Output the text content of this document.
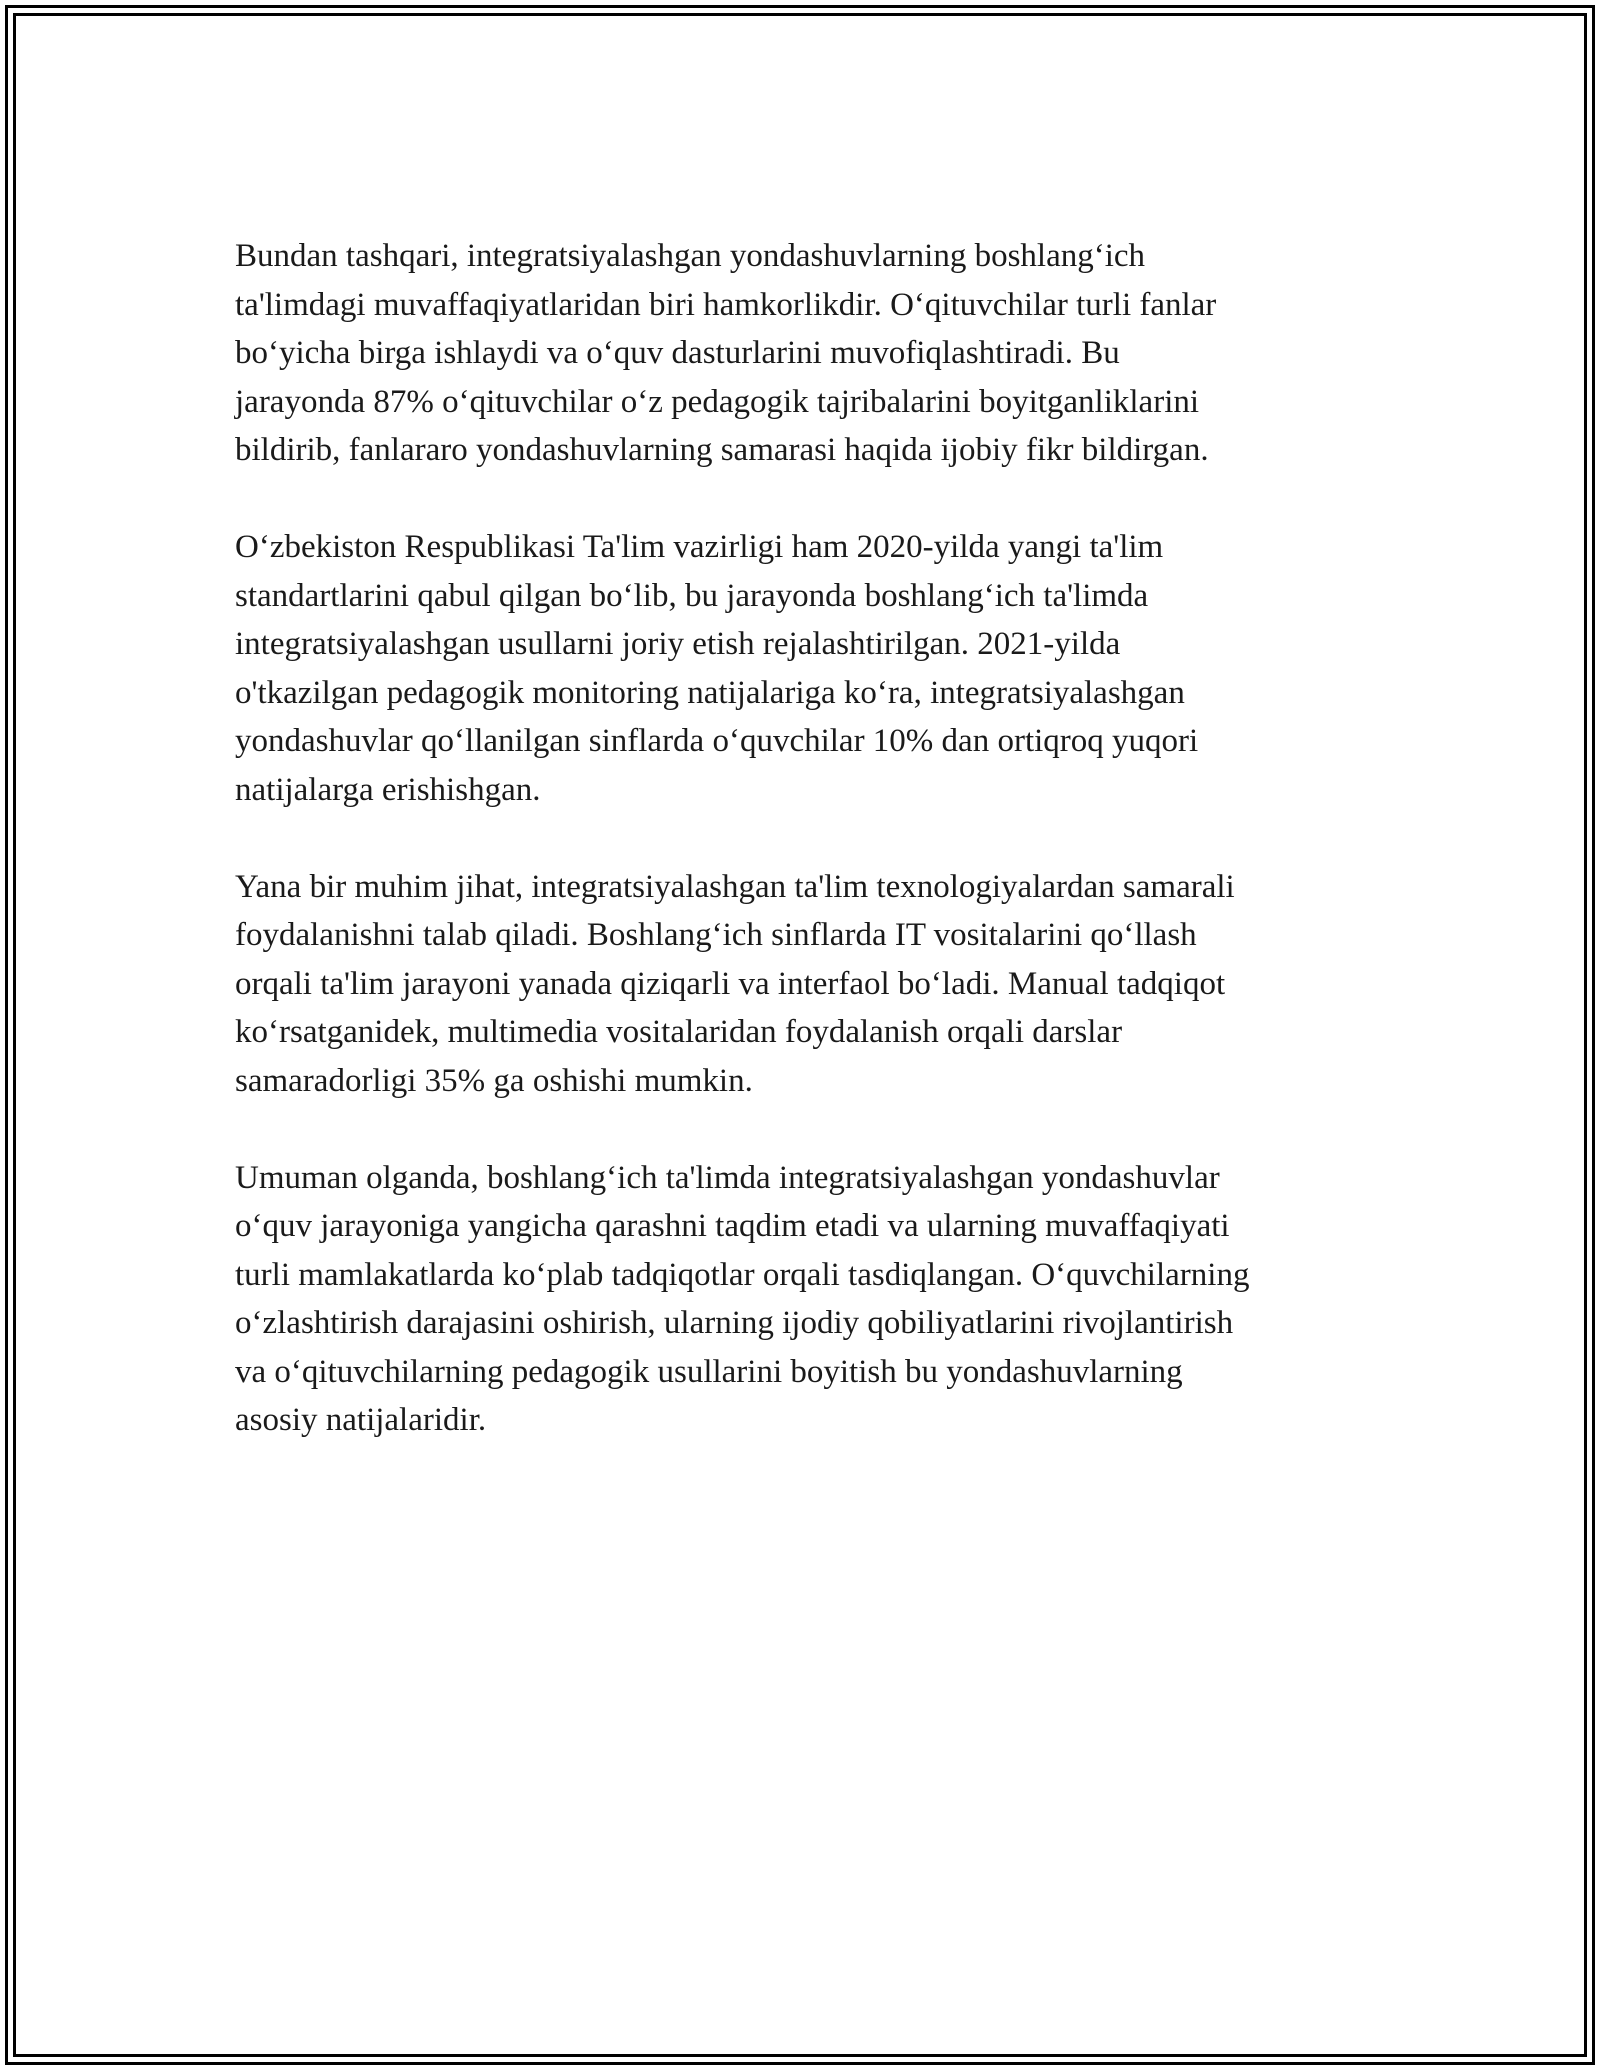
Bundan tashqari, integratsiyalashgan yondashuvlarning boshlang‘ich
ta'limdagi muvaffaqiyatlaridan biri hamkorlikdir. O‘qituvchilar turli fanlar
bo‘yicha birga ishlaydi va o‘quv dasturlarini muvofiqlashtiradi. Bu
jarayonda 87% o‘qituvchilar o‘z pedagogik tajribalarini boyitganliklarini
bildirib, fanlararo yondashuvlarning samarasi haqida ijobiy fikr bildirgan.

O‘zbekiston Respublikasi Ta'lim vazirligi ham 2020-yilda yangi ta'lim
standartlarini qabul qilgan bo‘lib, bu jarayonda boshlang‘ich ta'limda
integratsiyalashgan usullarni joriy etish rejalashtirilgan. 2021-yilda
o'tkazilgan pedagogik monitoring natijalariga ko‘ra, integratsiyalashgan
yondashuvlar qo‘llanilgan sinflarda o‘quvchilar 10% dan ortiqroq yuqori
natijalarga erishishgan.

Yana bir muhim jihat, integratsiyalashgan ta'lim texnologiyalardan samarali
foydalanishni talab qiladi. Boshlang‘ich sinflarda IT vositalarini qo‘llash
orqali ta'lim jarayoni yanada qiziqarli va interfaol bo‘ladi. Manual tadqiqot
ko‘rsatganidek, multimedia vositalaridan foydalanish orqali darslar
samaradorligi 35% ga oshishi mumkin.

Umuman olganda, boshlang‘ich ta'limda integratsiyalashgan yondashuvlar
o‘quv jarayoniga yangicha qarashni taqdim etadi va ularning muvaffaqiyati
turli mamlakatlarda ko‘plab tadqiqotlar orqali tasdiqlangan. O‘quvchilarning
o‘zlashtirish darajasini oshirish, ularning ijodiy qobiliyatlarini rivojlantirish
va o‘qituvchilarning pedagogik usullarini boyitish bu yondashuvlarning
asosiy natijalaridir.
